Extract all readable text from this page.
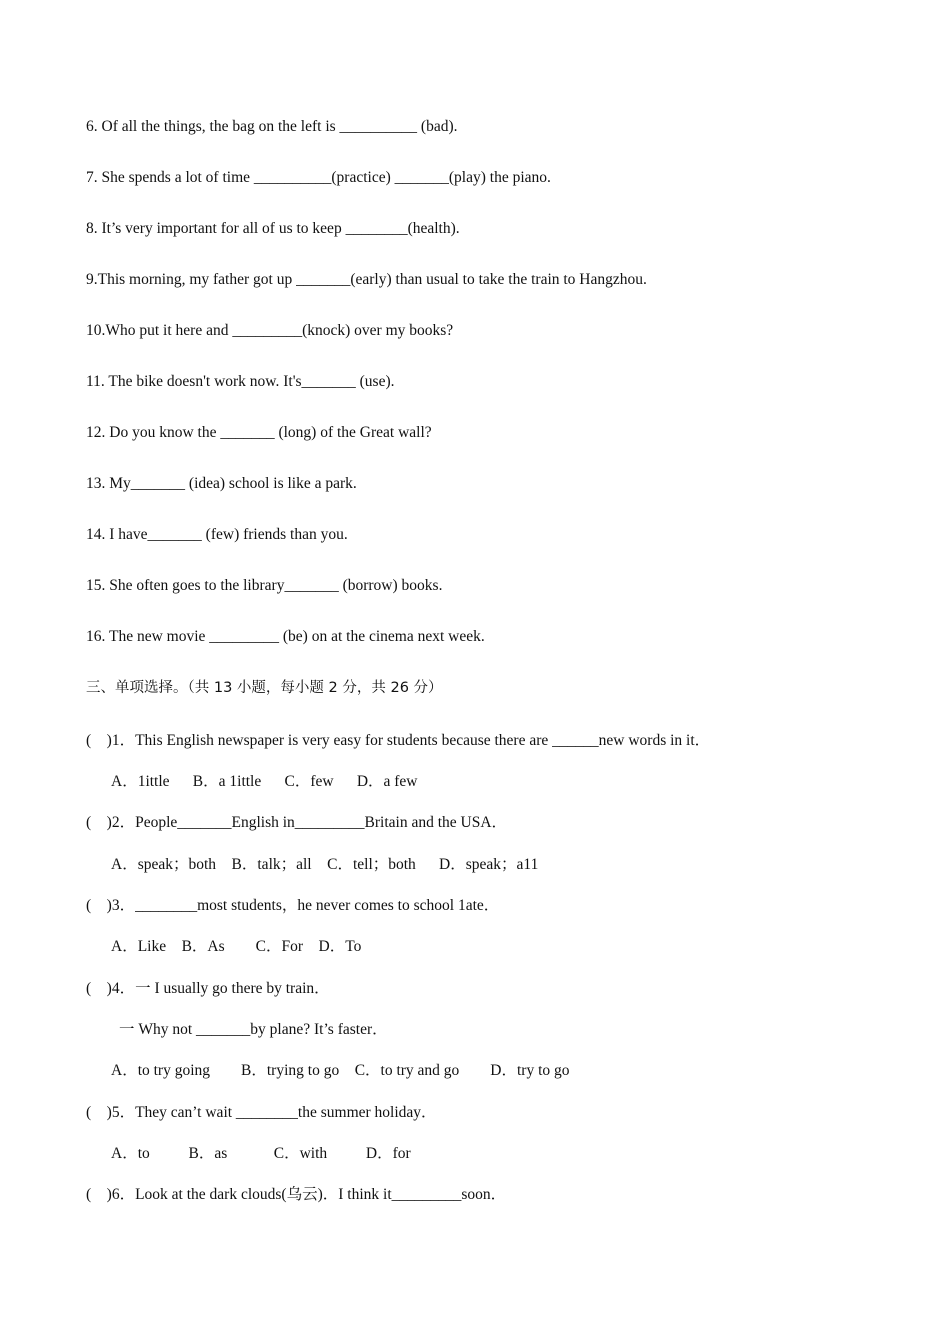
6. Of all the things, the bag on the left is __________ (bad).
7. She spends a lot of time __________(practice) _______(play) the piano.
8. It’s very important for all of us to keep ________(health).
9.This morning, my father got up _______(early) than usual to take the train to Hangzhou.
10.Who put it here and _________(knock) over my books?
11. The bike doesn't work now. It's_______ (use).
12. Do you know the _______ (long) of the Great wall?
13. My_______ (idea) school is like a park.
14. I have_______ (few) friends than you.
15. She often goes to the library_______ (borrow) books.
16. The new movie _________ (be) on at the cinema next week.
三、单项选择。（共 13 小题，每小题 2 分，共 26 分）
(    )1．This English newspaper is very easy for students because there are ______new words in it．
A．1ittle      B．a 1ittle      C．few      D．a few
(    )2．People_______English in_________Britain and the USA．
A．speak；both    B．talk；all    C．tell；both      D．speak；a11
(    )3．________most students，he never comes to school 1ate．
A．Like    B．As        C．For    D．To
(    )4．一 I usually go there by train．
一 Why not _______by plane? It’s faster．
A．to try going        B．trying to go    C．to try and go        D．try to go
(    )5．They can’t wait ________the summer holiday．
A．to          B．as            C．with          D．for
(    )6．Look at the dark clouds(乌云)．I think it_________soon．
